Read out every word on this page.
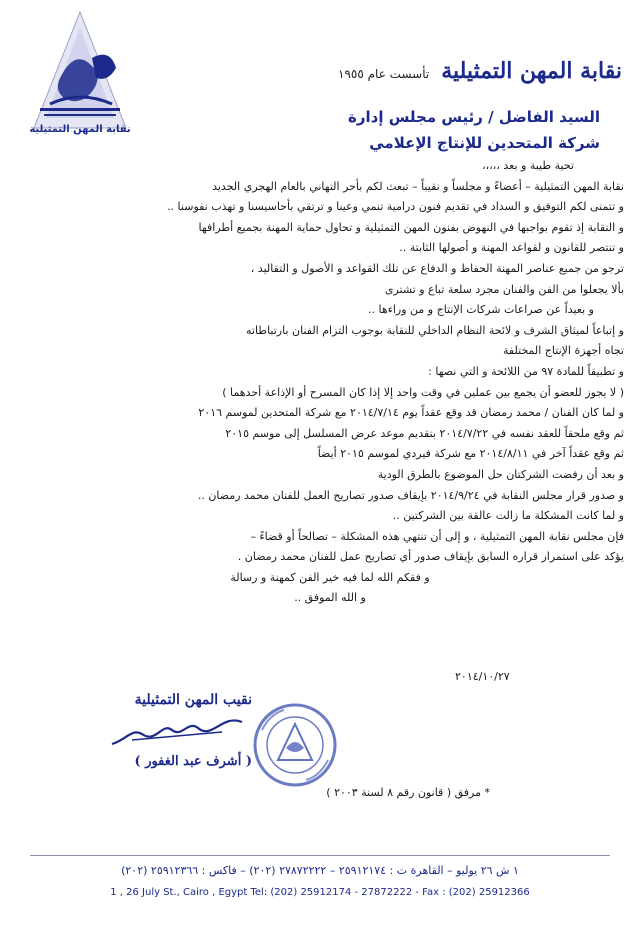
نقابة المهن التمثيلية
نقابة المهن التمثيلية
تأسست عام ١٩٥٥
السيد الفاضل / رئيس مجلس إدارة
شركة المتحدين للإنتاج الإعلامي

تحية طيبة و بعد ،،،،،

نقابة المهن التمثيلية – أعضاءً و مجلساً و نقيباً – تبعث لكم بأحر التهاني بالعام الهجري الجديد

و تتمنى لكم التوفيق و السداد في تقديم فنون درامية تنمي وعينا و ترتقي بأحاسيسنا و تهذب نفوسنا ..

و النقابة إذ تقوم بواجبها في النهوض بفنون المهن التمثيلية و تحاول حماية المهنة بجميع أطرافها

و تنتصر للقانون و لقواعد المهنة و أصولها الثابتة ..

ترجو من جميع عناصر المهنة الحفاظ و الدفاع عن تلك القواعد و الأصول و التقاليد ،

بألا يجعلوا من الفن والفنان مجرد سلعة تباع و تشترى

و بعيداً عن صراعات شركات الإنتاج و من وراءها ..

و إتباعاً لميثاق الشرف و لائحة النظام الداخلي للنقابة بوجوب التزام الفنان بارتباطاته

تجاه أجهزة الإنتاج المختلفة

و تطبيقاً للمادة ٩٧ من اللائحة و التي نصها :

( لا يجوز للعضو أن يجمع بين عملين في وقت واحد إلا إذا كان المسرح أو الإذاعة أحدهما )

و لما كان الفنان / محمد رمضان قد وقع عقداً يوم ٢٠١٤/٧/١٤ مع شركة المتحدين لموسم ٢٠١٦

ثم وقع ملحقاً للعقد نفسه في ٢٠١٤/٧/٢٢ بتقديم موعد عرض المسلسل إلى موسم ٢٠١٥

ثم وقع عقداً آخر في ٢٠١٤/٨/١١ مع شركة فيردي لموسم ٢٠١٥ أيضاً

و بعد أن رفضت الشركتان حل الموضوع بالطرق الودية

و صدور قرار مجلس النقابة في ٢٠١٤/٩/٢٤ بإيقاف صدور تصاريح العمل للفنان محمد رمضان ..

و لما كانت المشكلة ما زالت عالقة بين الشركتين ..

فإن مجلس نقابة المهن التمثيلية ، و إلى أن تنتهي هذه المشكلة – تصالحاً أو قضاءً –

يؤكد على استمرار قراره السابق بإيقاف صدور أي تصاريح عمل للفنان محمد رمضان .

و فقكم الله لما فيه خير الفن كمهنة و رسالة

و الله الموفق ..

٢٠١٤/١٠/٢٧
نقيب المهن التمثيلية
( أشرف عبد الغفور )
* مرفق ( قانون رقم ٨ لسنة ٢٠٠٣ )
١ ش ٢٦ يوليو – القاهرة ت : ٢٥٩١٢١٧٤ – ٢٧٨٧٢٢٢٢ (٢٠٢) – فاكس : ٢٥٩١٢٣٦٦ (٢٠٢)
1 , 26 July St., Cairo , Egypt Tel: (202) 25912174 - 27872222 - Fax : (202) 25912366
